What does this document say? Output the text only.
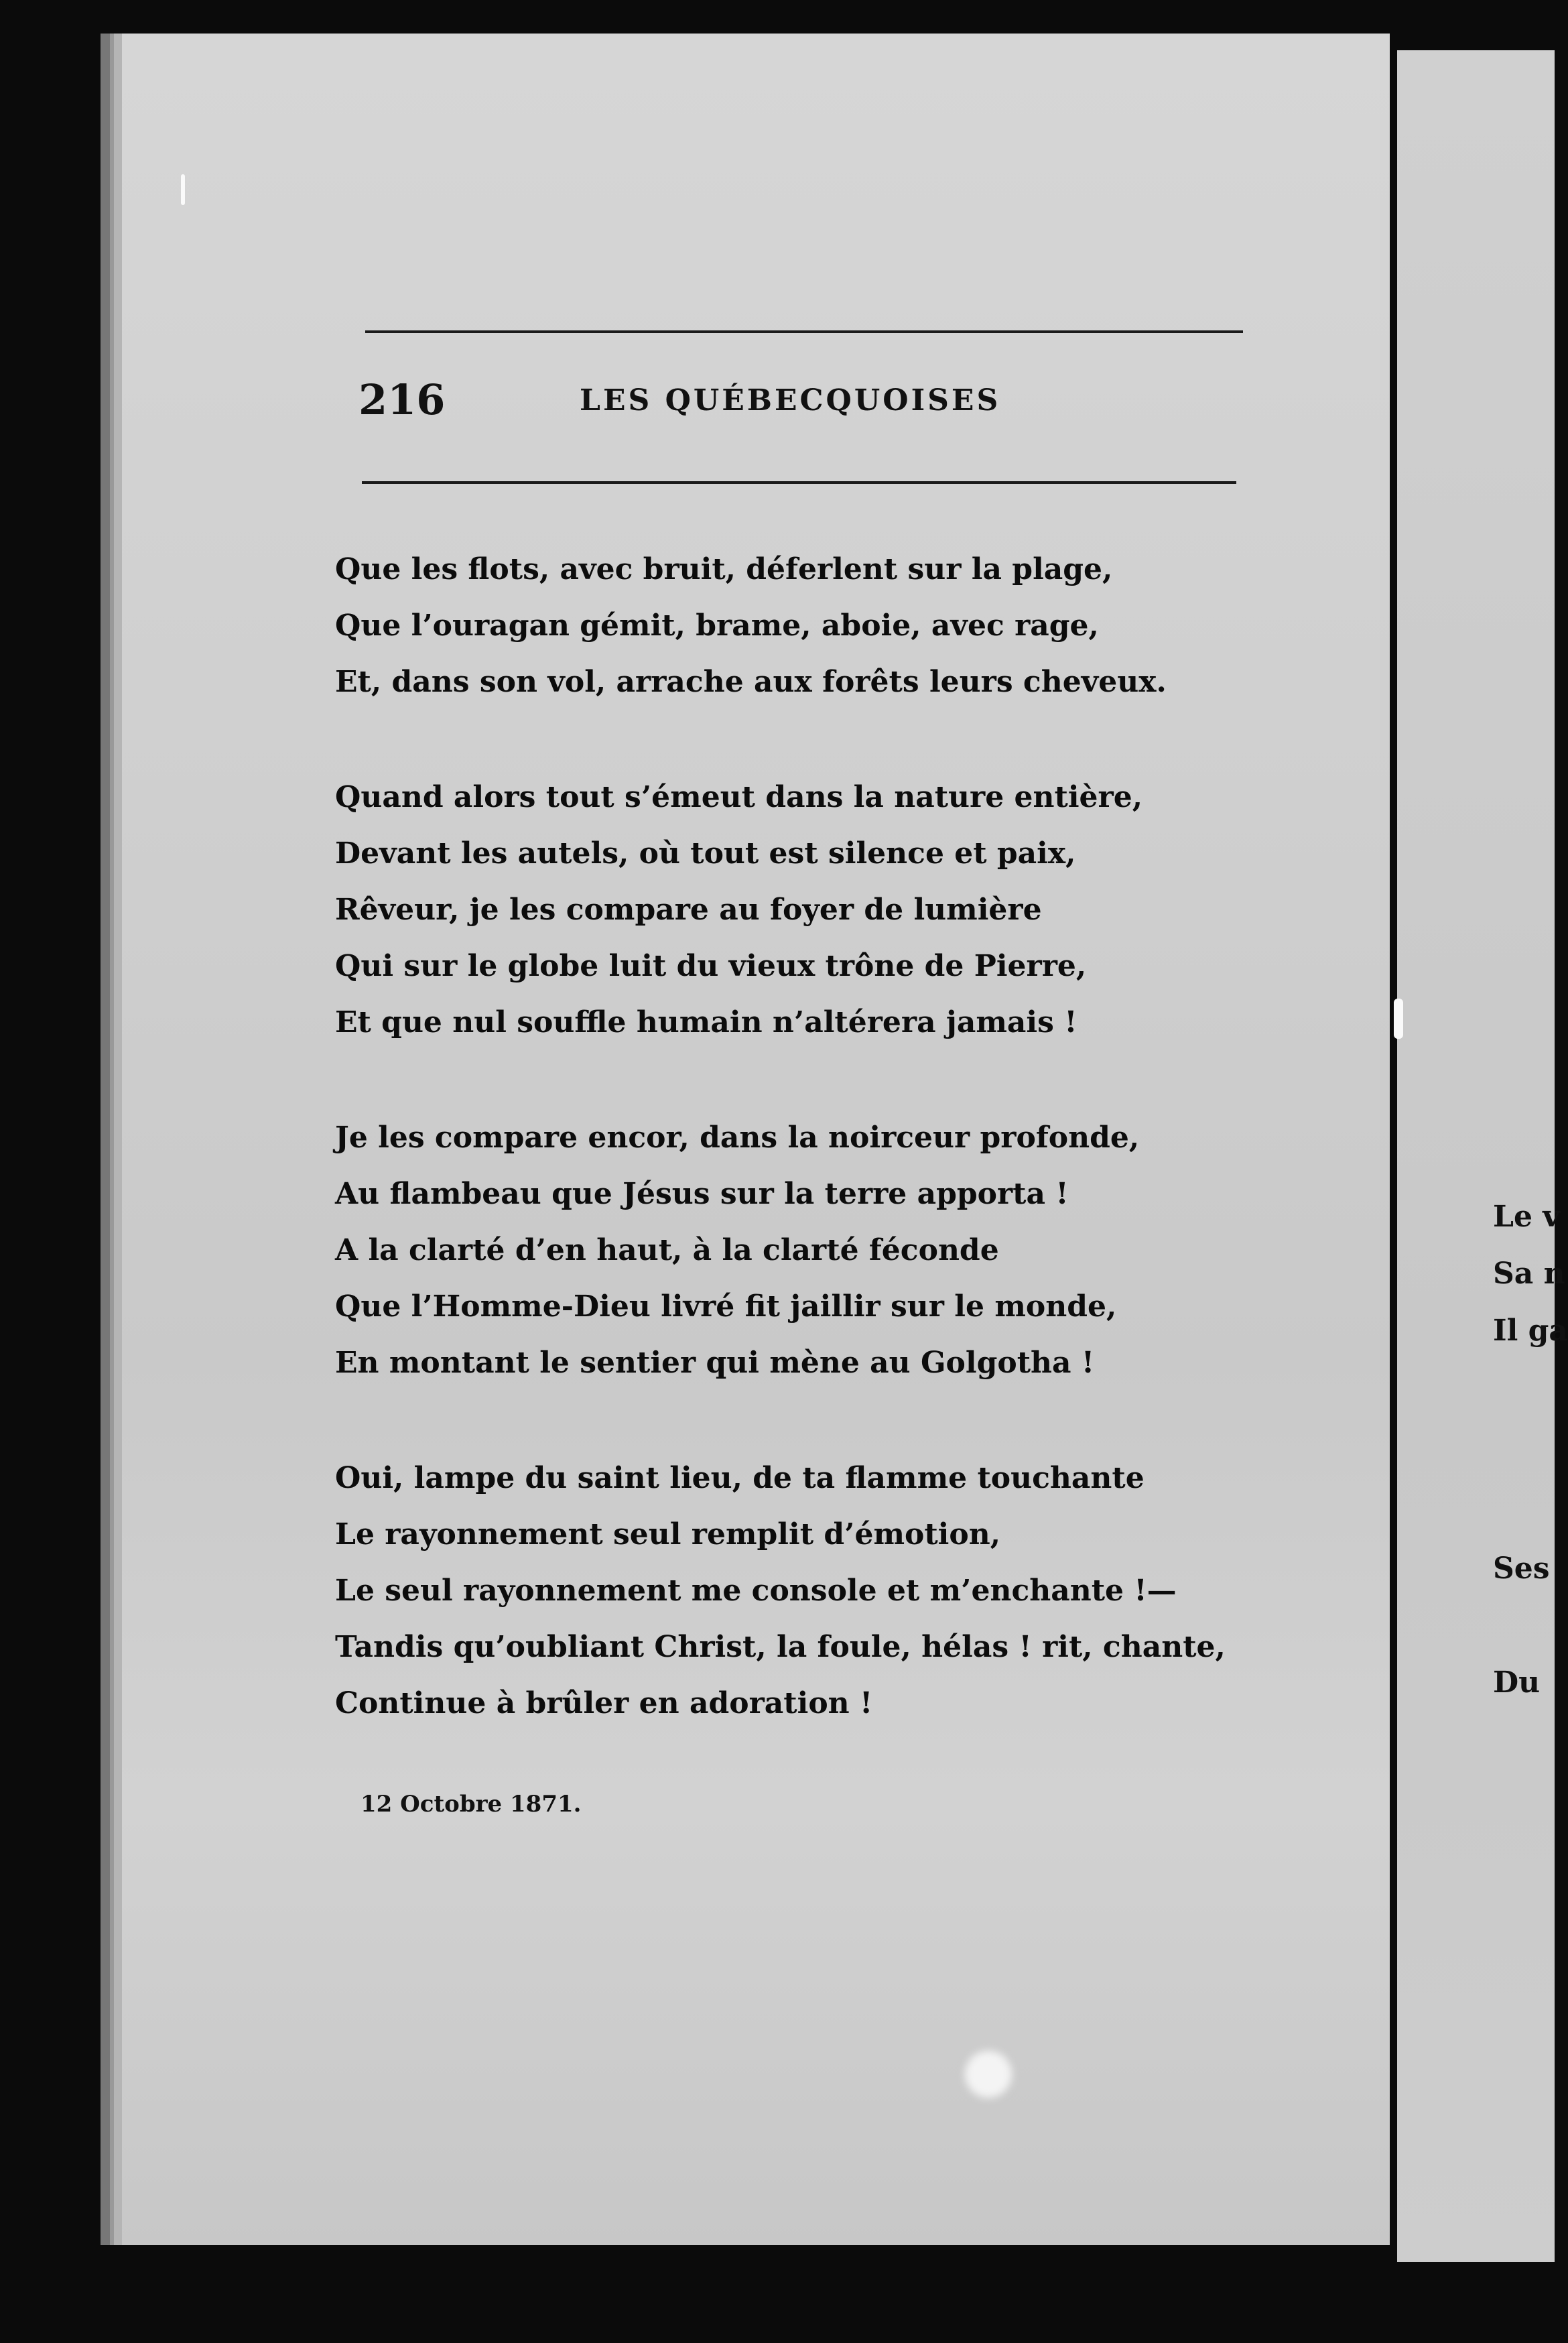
216	LES QUÉBECQUOISES
Que les flots, avec bruit, déferlent sur la plage,
Que l’ouragan gémit, brame, aboie, avec rage,
Et, dans son vol, arrache aux forêts leurs cheveux.
Quand alors tout s’émeut dans la nature entière,
Devant les autels, où tout est silence et paix,
Rêveur, je les compare au foyer de lumière
Qui sur le globe luit du vieux trône de Pierre,
Et que nul souffle humain n’altérera jamais !
Je les compare encor, dans la noirceur profonde,
Au flambeau que Jésus sur la terre apporta !
A la clarté d’en haut, à la clarté féconde
Que l’Homme-Dieu livré fit jaillir sur le monde,
En montant le sentier qui mène au Golgotha !
Oui, lampe du saint lieu, de ta flamme touchante
Le rayonnement seul remplit d’émotion,
Le seul rayonnement me console et m’enchante !—
Tandis qu’oubliant Christ, la foule, hélas ! rit, chante,
Continue à brûler en adoration !
12 Octobre 1871.
Le v
Sa n
Il ga
Ses
Du
